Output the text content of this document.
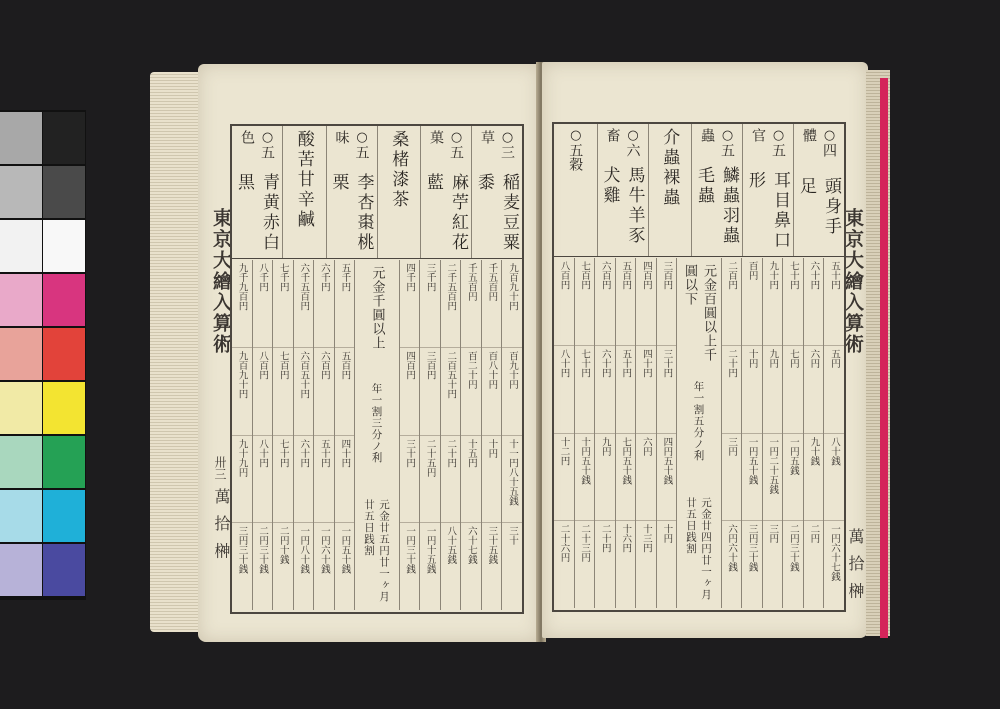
東京大繪入算術
卅三
萬 拾 榊
東京大繪入算術
萬 拾 榊
○ 三草
稲麦豆粟黍
○ 五菓
麻苧紅花藍
桑楮漆茶
○ 五味
李杏棗桃栗
酸苦甘辛鹹
○ 五色
青黄赤白黒
九百九十円
百九十円
十一円八十五銭
三十
千五百円
百八十円
十円
三十五銭
千五百円
百二十円
十五円
六十七銭
二千五百円
二百五十円
二十円
八十五銭
三千円
三百円
二十五円
一円十五銭
四千円
四百円
三十円
一円三十銭
元金千圓以上
年一割三分ノ利
元金廿五円廿一ヶ月廿五日践割
五千円
五百円
四十円
一円五十銭
六千円
六百円
五十円
一円六十銭
六千五百円
六百五十円
六十円
一円八十銭
七千円
七百円
七十円
二円十銭
八千円
八百円
八十円
二円三十銭
九千九百円
九百九十円
九十九円
三円三十銭
○ 四體
頭身手足
○ 五官
耳目鼻口形
○ 五蟲
鱗蟲羽蟲毛蟲
介蟲裸蟲
○ 六畜
馬牛羊豕犬雞
○ 五穀
五十円
五円
八十銭
一円六十七銭
六十円
六円
九十銭
二円
七十円
七円
一円五銭
二円三十銭
九十円
九円
一円二十五銭
三円
百円
十円
一円五十銭
三円三十銭
二百円
二十円
三円
六円六十銭
元金百圓以上千圓以下
年一割五分ノ利
元金廿四円廿一ヶ月廿五日践割
三百円
三十円
四円五十銭
十円
四百円
四十円
六円
十三円
五百円
五十円
七円五十銭
十六円
六百円
六十円
九円
二十円
七百円
七十円
十円五十銭
二十三円
八百円
八十円
十二円
二十六円
